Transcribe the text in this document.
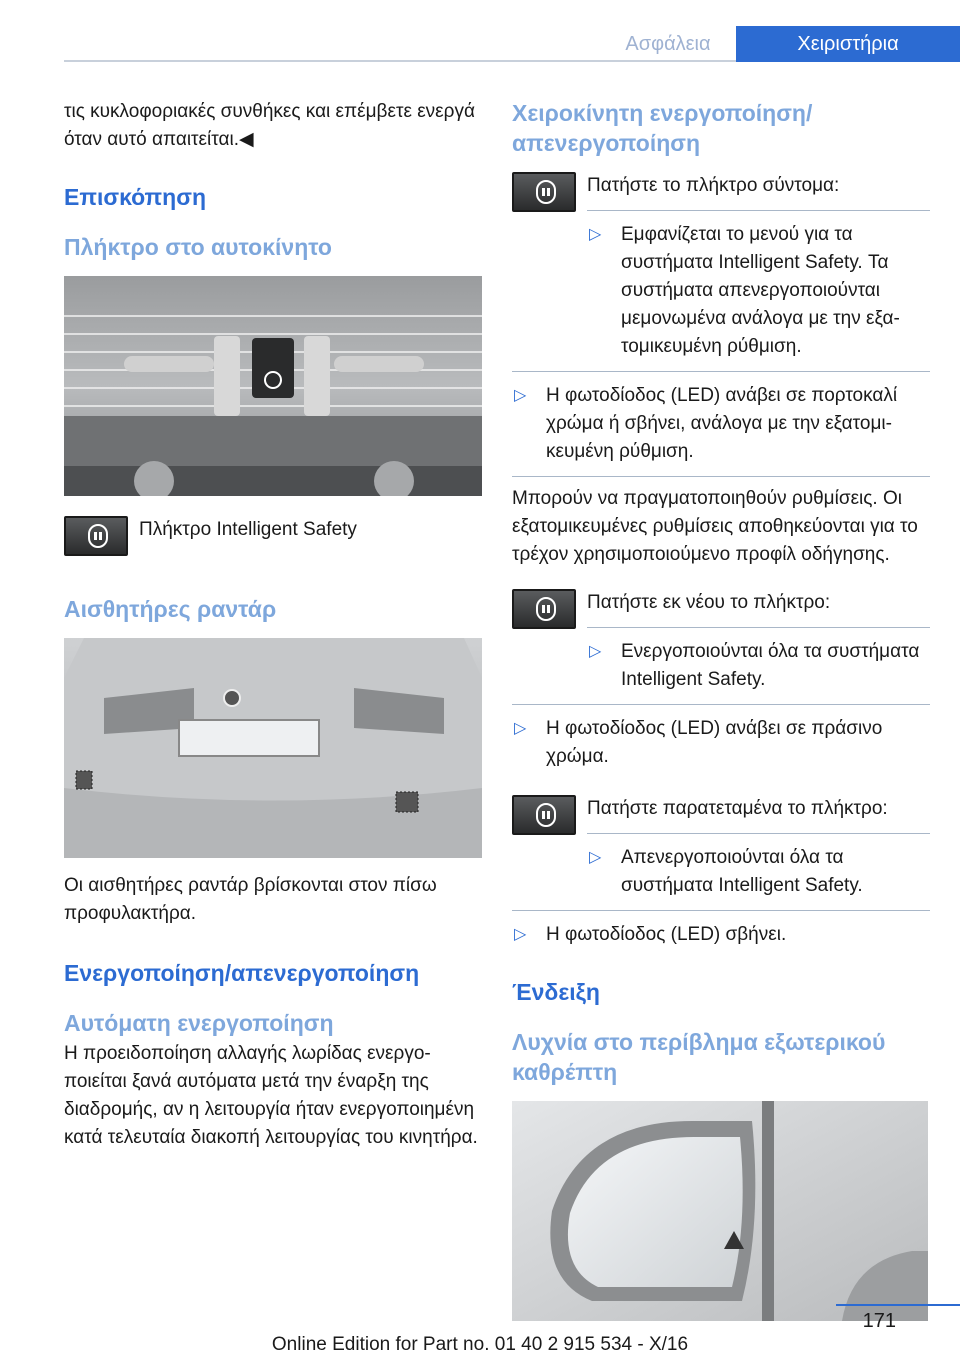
Ασφάλεια	Χειριστήρια

τις κυκλοφοριακές συνθήκες και επέμβετε ενεργά όταν αυτό απαιτείται.◀

Επισκόπηση
Πλήκτρο στο αυτοκίνητο
Πλήκτρο Intelligent Safety
Αισθητήρες ραντάρ

Οι αισθητήρες ραντάρ βρίσκονται στον πίσω προφυλακτήρα.

Ενεργοποίηση/απενεργοποίηση
Αυτόματη ενεργοποίηση

Η προειδοποίηση αλλαγής λωρίδας ενεργοποιείται ξανά αυτόματα μετά την έναρξη της διαδρομής, αν η λειτουργία ήταν ενεργοποιημένη κατά τελευταία διακοπή λειτουργίας του κινητήρα.

Χειροκίνητη ενεργοποίηση/ απενεργοποίηση

Πατήστε το πλήκτρο σύντομα:

▷ Εμφανίζεται το μενού για τα συστήματα Intelligent Safety. Τα συστήματα απενεργοποιούνται μεμονωμένα ανάλογα με την εξατομικευμένη ρύθμιση.
▷ Η φωτοδίοδος (LED) ανάβει σε πορτοκαλί χρώμα ή σβήνει, ανάλογα με την εξατομικευμένη ρύθμιση.

Μπορούν να πραγματοποιηθούν ρυθμίσεις. Οι εξατομικευμένες ρυθμίσεις αποθηκεύονται για το τρέχον χρησιμοποιούμενο προφίλ οδήγησης.

Πατήστε εκ νέου το πλήκτρο:

▷ Ενεργοποιούνται όλα τα συστήματα Intelligent Safety.
▷ Η φωτοδίοδος (LED) ανάβει σε πράσινο χρώμα.

Πατήστε παρατεταμένα το πλήκτρο:

▷ Απενεργοποιούνται όλα τα συστήματα Intelligent Safety.
▷ Η φωτοδίοδος (LED) σβήνει.
Ένδειξη
Λυχνία στο περίβλημα εξωτερικού καθρέπτη
171
Online Edition for Part no. 01 40 2 915 534 - X/16
